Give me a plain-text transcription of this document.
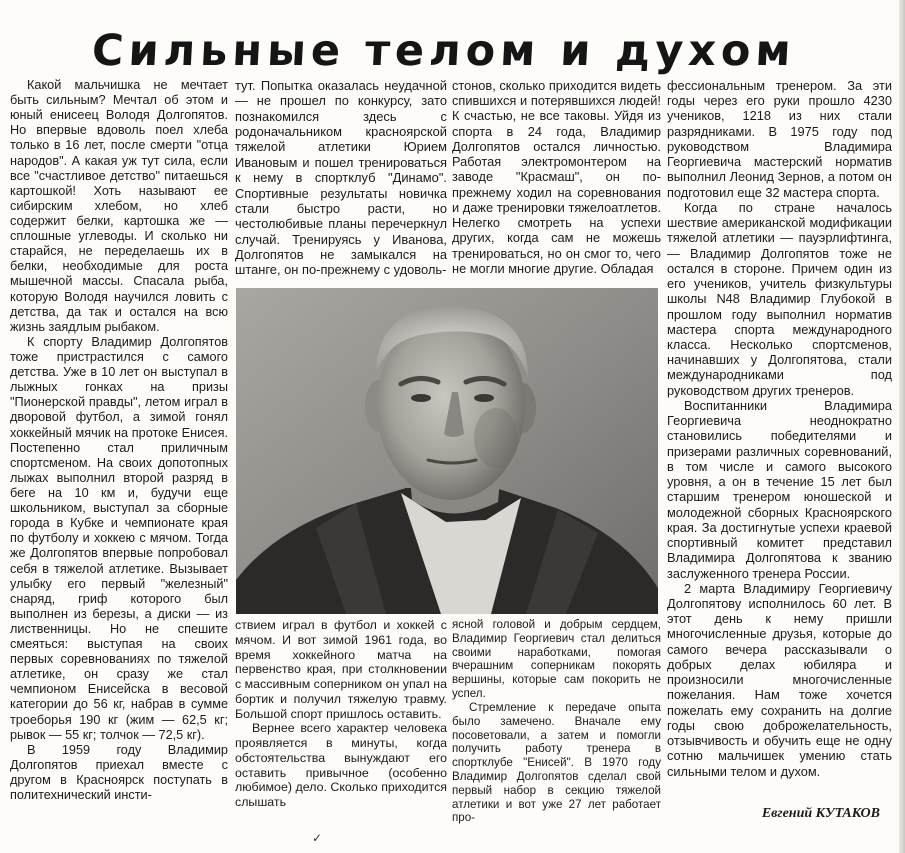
Сильные телом и духом

Какой мальчишка не мечтает быть сильным? Мечтал об этом и юный енисеец Володя Долгопятов. Но впервые вдоволь поел хлеба только в 16 лет, после смерти "отца народов". А какая уж тут сила, если все "счастливое детство" питаешься картошкой! Хоть называют ее сибирским хлебом, но хлеб содержит белки, картошка же — сплошные углеводы. И сколько ни старайся, не переделаешь их в белки, необходимые для роста мышечной массы. Спасала рыба, которую Володя научился ловить с детства, да так и остался на всю жизнь заядлым рыбаком.

К спорту Владимир Долгопятов тоже пристрастился с самого детства. Уже в 10 лет он выступал в лыжных гонках на призы "Пионерской правды", летом играл в дворовой футбол, а зимой гонял хоккейный мячик на протоке Енисея. Постепенно стал приличным спортсменом. На своих допотопных лыжах выполнил второй разряд в беге на 10 км и, будучи еще школьником, выступал за сборные города в Кубке и чемпионате края по футболу и хоккею с мячом. Тогда же Долгопятов впервые попробовал себя в тяжелой атлетике. Вызывает улыбку его первый "железный" снаряд, гриф которого был выполнен из березы, а диски — из лиственницы. Но не спешите смеяться: выступая на своих первых соревнованиях по тяжелой атлетике, он сразу же стал чемпионом Енисейска в весовой категории до 56 кг, набрав в сумме троеборья 190 кг (жим — 62,5 кг; рывок — 55 кг; толчок — 72,5 кг).

В 1959 году Владимир Долгопятов приехал вместе с другом в Красноярск поступать в политехнический инсти-

тут. Попытка оказалась неудачной — не прошел по конкурсу, зато познакомился здесь с родоначальником красноярской тяжелой атлетики Юрием Ивановым и пошел тренироваться к нему в спортклуб "Динамо". Спортивные результаты новичка стали быстро расти, но честолюбивые планы перечеркнул случай. Тренируясь у Иванова, Долгопятов не замыкался на штанге, он по-прежнему с удоволь-

стонов, сколько приходится видеть спившихся и потерявшихся людей! К счастью, не все таковы. Уйдя из спорта в 24 года, Владимир Долгопятов остался личностью. Работая электромонтером на заводе "Красмаш", он по-прежнему ходил на соревнования и даже тренировки тяжелоатлетов. Нелегко смотреть на успехи других, когда сам не можешь тренироваться, но он смог то, чего не могли многие другие. Обладая

ствием играл в футбол и хоккей с мячом. И вот зимой 1961 года, во время хоккейного матча на первенство края, при столкновении с массивным соперником он упал на бортик и получил тяжелую травму. Большой спорт пришлось оставить.

Вернее всего характер человека проявляется в минуты, когда обстоятельства вынуждают его оставить привычное (особенно любимое) дело. Сколько приходится слышать

ясной головой и добрым сердцем, Владимир Георгиевич стал делиться своими наработками, помогая вчерашним соперникам покорять вершины, которые сам покорить не успел.

Стремление к передаче опыта было замечено. Вначале ему посоветовали, а затем и помогли получить работу тренера в спортклубе "Енисей". В 1970 году Владимир Долгопятов сделал свой первый набор в секцию тяжелой атлетики и вот уже 27 лет работает про-

фессиональным тренером. За эти годы через его руки прошло 4230 учеников, 1218 из них стали разрядниками. В 1975 году под руководством Владимира Георгиевича мастерский норматив выполнил Леонид Зернов, а потом он подготовил еще 32 мастера спорта.

Когда по стране началось шествие американской модификации тяжелой атлетики — пауэрлифтинга, — Владимир Долгопятов тоже не остался в стороне. Причем один из его учеников, учитель физкультуры школы N48 Владимир Глубокой в прошлом году выполнил норматив мастера спорта международного класса. Несколько спортсменов, начинавших у Долгопятова, стали международниками под руководством других тренеров.

Воспитанники Владимира Георгиевича неоднократно становились победителями и призерами различных соревнований, в том числе и самого высокого уровня, а он в течение 15 лет был старшим тренером юношеской и молодежной сборных Красноярского края. За достигнутые успехи краевой спортивный комитет представил Владимира Долгопятова к званию заслуженного тренера России.

2 марта Владимиру Георгиевичу Долгопятову исполнилось 60 лет. В этот день к нему пришли многочисленные друзья, которые до самого вечера рассказывали о добрых делах юбиляра и произносили многочисленные пожелания. Нам тоже хочется пожелать ему сохранить на долгие годы свою доброжелательность, отзывчивость и обучить еще не одну сотню мальчишек умению стать сильными телом и духом.

Евгений КУТАКОВ
✓
